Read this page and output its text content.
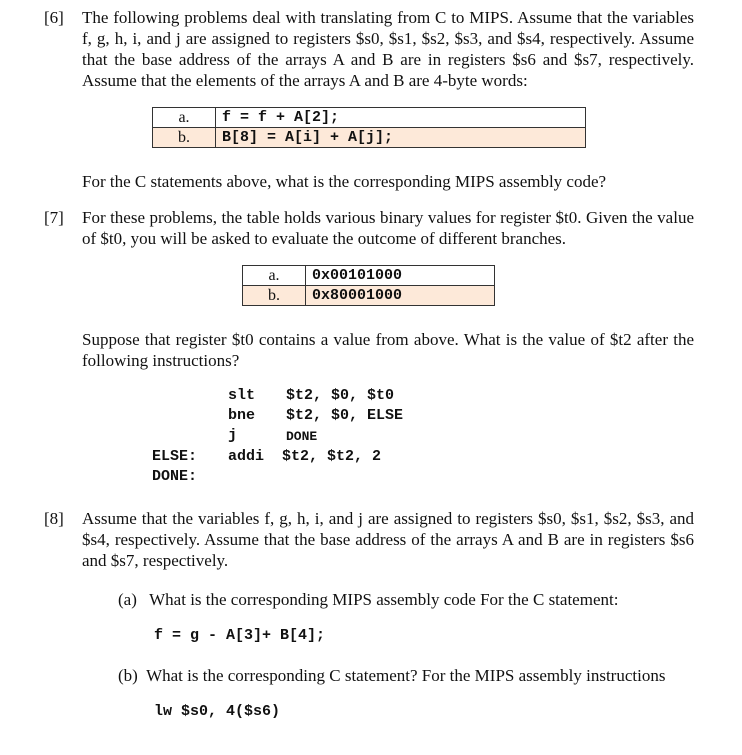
[6] The following problems deal with translating from C to MIPS. Assume that the variables f, g, h, i, and j are assigned to registers $s0, $s1, $s2, $s3, and $s4, respectively. Assume that the base address of the arrays A and B are in registers $s6 and $s7, respectively. Assume that the elements of the arrays A and B are 4-byte words:
a.	f = f + A[2];
b.	B[8] = A[i] + A[j];
For the C statements above, what is the corresponding MIPS assembly code?
[7] For these problems, the table holds various binary values for register $t0. Given the value of $t0, you will be asked to evaluate the outcome of different branches.
a.	0x00101000
b.	0x80001000
Suppose that register $t0 contains a value from above. What is the value of $t2 after the following instructions?
slt $t2, $0, $t0
bne $t2, $0, ELSE
j	DONE
ELSE: addi $t2, $t2, 2
DONE:
[8] Assume that the variables f, g, h, i, and j are assigned to registers $s0, $s1, $s2, $s3, and $s4, respectively. Assume that the base address of the arrays A and B are in registers $s6 and $s7, respectively.
(a) What is the corresponding MIPS assembly code For the C statement:
f = g - A[3]+ B[4];
(b) What is the corresponding C statement? For the MIPS assembly instructions
lw $s0, 4($s6)
